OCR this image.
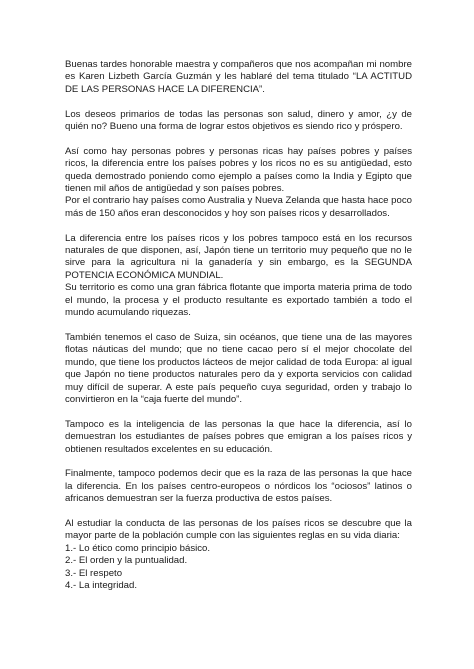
Buenas tardes honorable maestra y compañeros que nos acompañan mi nombre es Karen Lizbeth García Guzmán y les hablaré del tema titulado “LA ACTITUD DE LAS PERSONAS HACE LA DIFERENCIA”.

Los deseos primarios de todas las personas son salud, dinero y amor, ¿y de quién no? Bueno una forma de lograr estos objetivos es siendo rico y próspero.

Así como hay personas pobres y personas ricas hay países pobres y países ricos, la diferencia entre los países pobres y los ricos no es su antigüedad, esto queda demostrado poniendo como ejemplo a países como la India y Egipto que tienen mil años de antigüedad y son países pobres.

Por el contrario hay países como Australia y Nueva Zelanda que hasta hace poco más de 150 años eran desconocidos y hoy son países ricos y desarrollados.

La diferencia entre los países ricos y los pobres tampoco está en los recursos naturales de que disponen, así, Japón tiene un territorio muy pequeño que no le sirve para la agricultura ni la ganadería y sin embargo, es la SEGUNDA POTENCIA ECONÓMICA MUNDIAL.

Su territorio es como una gran fábrica flotante que importa materia prima de todo el mundo, la procesa y el producto resultante es exportado también a todo el mundo acumulando riquezas.

También tenemos el caso de Suiza, sin océanos, que tiene una de las mayores flotas náuticas del mundo; que no tiene cacao pero sí el mejor chocolate del mundo, que tiene los productos lácteos de mejor calidad de toda Europa: al igual que Japón no tiene productos naturales pero da y exporta servicios con calidad muy difícil de superar. A este país pequeño cuya seguridad, orden y trabajo lo convirtieron en la “caja fuerte del mundo”.

Tampoco es la inteligencia de las personas la que hace la diferencia, así lo demuestran los estudiantes de países pobres que emigran a los países ricos y obtienen resultados excelentes en su educación.

Finalmente, tampoco podemos decir que es la raza de las personas la que hace la diferencia. En los países centro-europeos o nórdicos los “ociosos” latinos o africanos demuestran ser la fuerza productiva de estos países.

Al estudiar la conducta de las personas de los países ricos se descubre que la mayor parte de la población cumple con las siguientes reglas en su vida diaria:

1.- Lo ético como principio básico.

2.- El orden y la puntualidad.

3.- El respeto

4.- La integridad.
